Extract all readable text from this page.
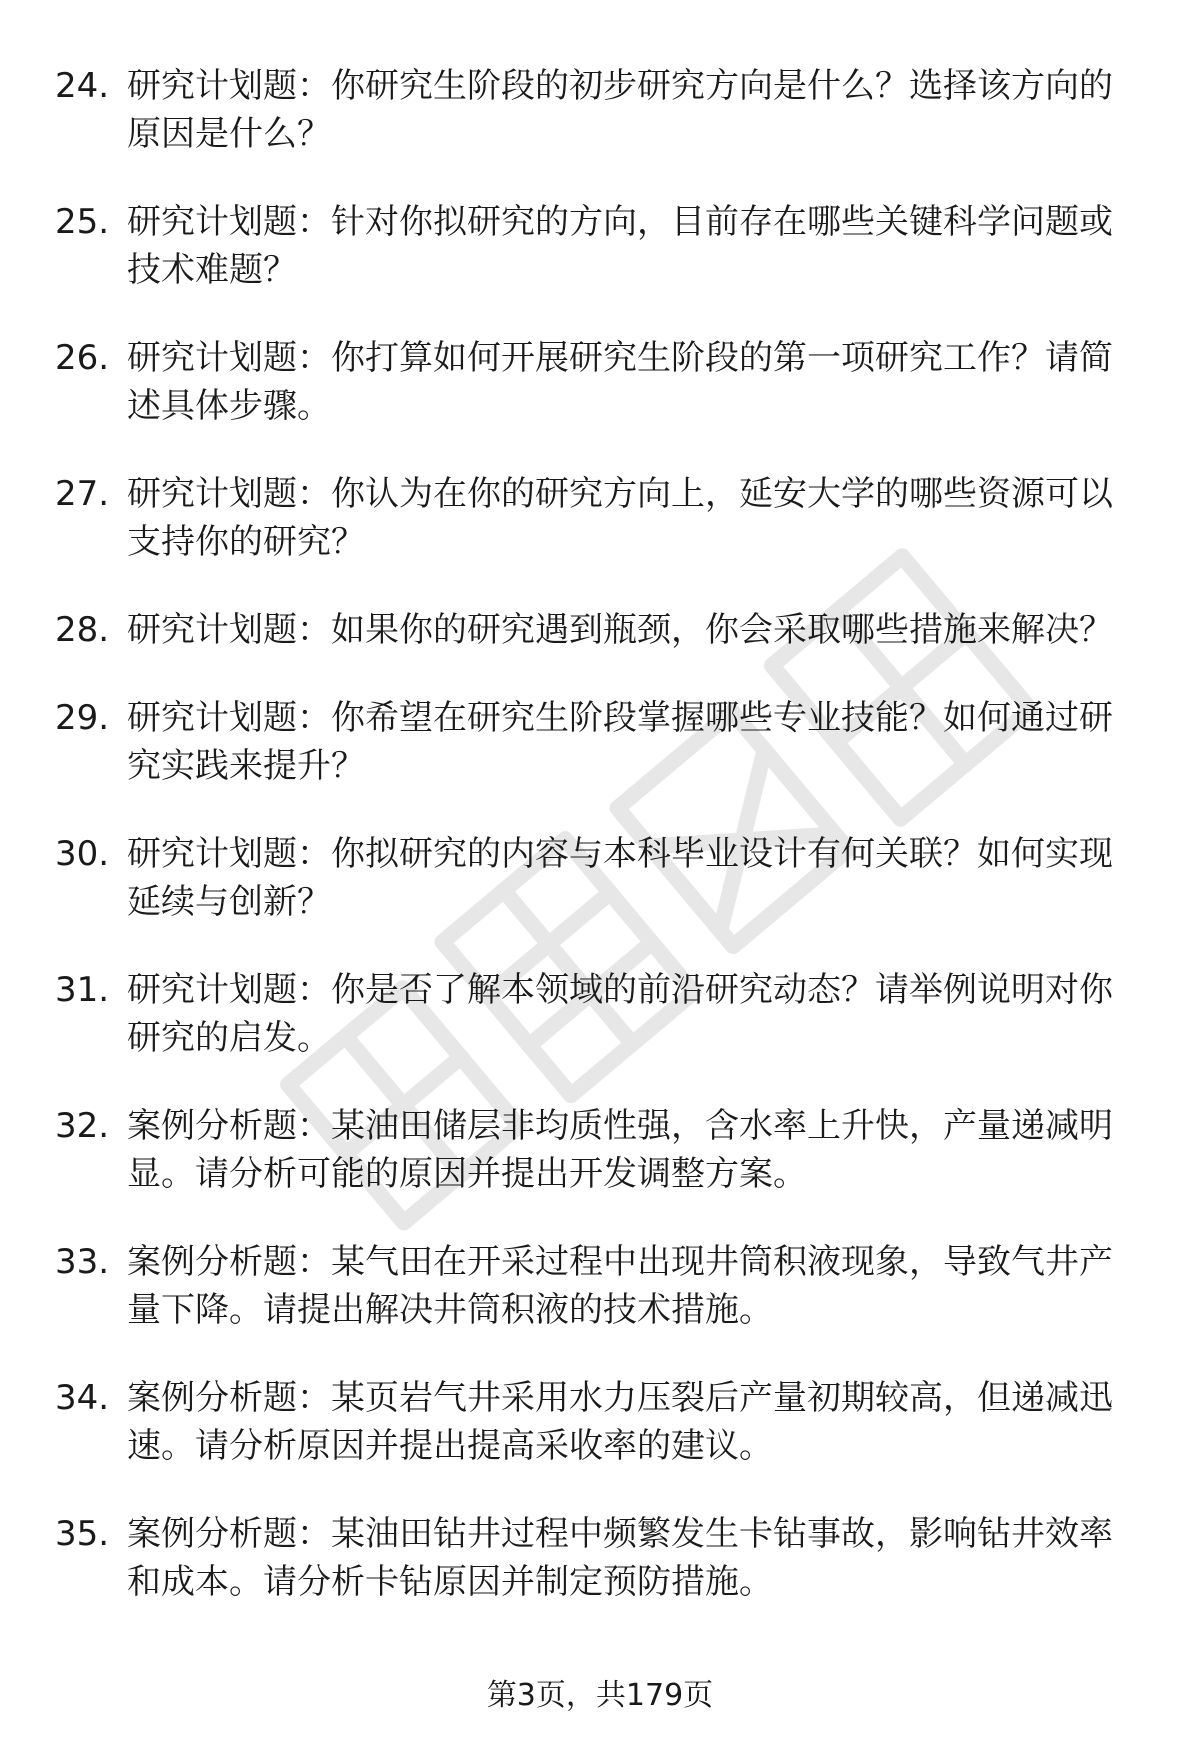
24. 研究计划题：你研究生阶段的初步研究方向是什么？选择该方向的原因是什么？
25. 研究计划题：针对你拟研究的方向，目前存在哪些关键科学问题或技术难题？
26. 研究计划题：你打算如何开展研究生阶段的第一项研究工作？请简述具体步骤。
27. 研究计划题：你认为在你的研究方向上，延安大学的哪些资源可以支持你的研究？
28. 研究计划题：如果你的研究遇到瓶颈，你会采取哪些措施来解决？
29. 研究计划题：你希望在研究生阶段掌握哪些专业技能？如何通过研究实践来提升？
30. 研究计划题：你拟研究的内容与本科毕业设计有何关联？如何实现延续与创新？
31. 研究计划题：你是否了解本领域的前沿研究动态？请举例说明对你研究的启发。
32. 案例分析题：某油田储层非均质性强，含水率上升快，产量递减明显。请分析可能的原因并提出开发调整方案。
33. 案例分析题：某气田在开采过程中出现井筒积液现象，导致气井产量下降。请提出解决井筒积液的技术措施。
34. 案例分析题：某页岩气井采用水力压裂后产量初期较高，但递减迅速。请分析原因并提出提高采收率的建议。
35. 案例分析题：某油田钻井过程中频繁发生卡钻事故，影响钻井效率和成本。请分析卡钻原因并制定预防措施。
第3页，共179页
